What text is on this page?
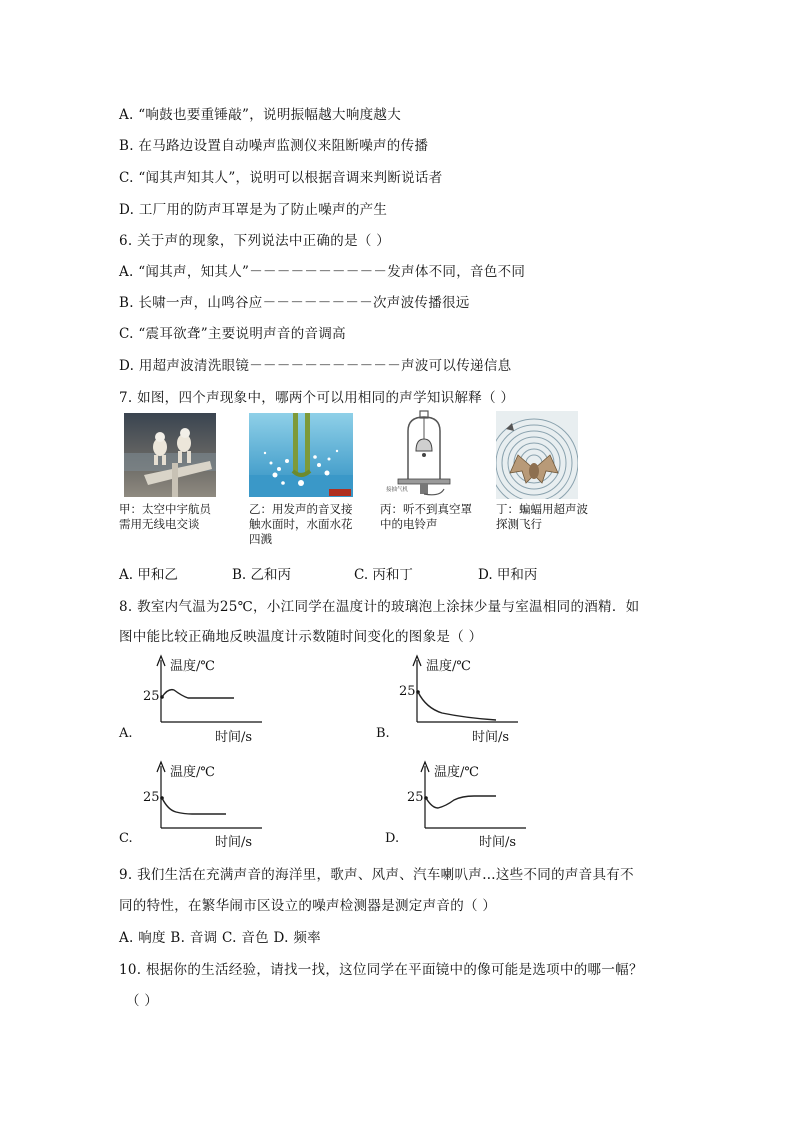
A. “响鼓也要重锤敲”，说明振幅越大响度越大
B. 在马路边设置自动噪声监测仪来阻断噪声的传播
C. “闻其声知其人”，说明可以根据音调来判断说话者
D. 工厂用的防声耳罩是为了防止噪声的产生
6. 关于声的现象，下列说法中正确的是（ ）
A. “闻其声，知其人”－－－－－－－－－－发声体不同，音色不同
B. 长啸一声，山鸣谷应－－－－－－－－次声波传播很远
C. “震耳欲聋”主要说明声音的音调高
D. 用超声波清洗眼镜－－－－－－－－－－－声波可以传递信息
7. 如图，四个声现象中，哪两个可以用相同的声学知识解释（ ）
甲：太空中宇航员需用无线电交谈
乙：用发声的音叉接触水面时，水面水花四溅
接抽气机
丙：听不到真空罩中的电铃声
丁：蝙蝠用超声波探测飞行
A. 甲和乙	B. 乙和丙	C. 丙和丁	D. 甲和丙
8. 教室内气温为25℃，小江同学在温度计的玻璃泡上涂抹少量与室温相同的酒精．如
图中能比较正确地反映温度计示数随时间变化的图象是（ ）
温度/℃
25
A.	时间/s
温度/℃
25
B.	时间/s
温度/℃
25
C.	时间/s
温度/℃
25
D.	时间/s
9. 我们生活在充满声音的海洋里，歌声、风声、汽车喇叭声…这些不同的声音具有不
同的特性，在繁华闹市区设立的噪声检测器是测定声音的（ ）
A. 响度 B. 音调 C. 音色 D. 频率
10. 根据你的生活经验，请找一找，这位同学在平面镜中的像可能是选项中的哪一幅？
（ ）
